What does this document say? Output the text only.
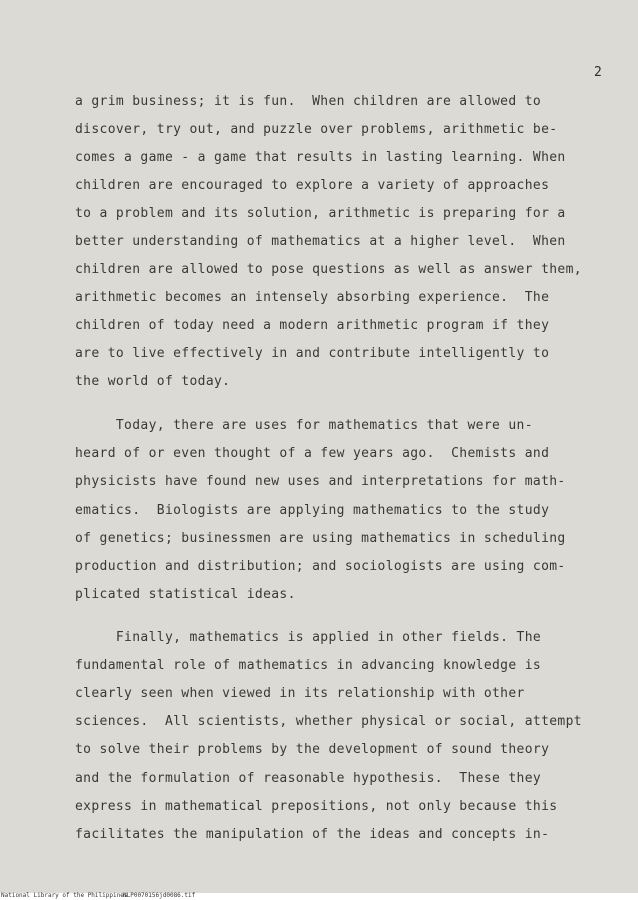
2
a grim business; it is fun.  When children are allowed to
discover, try out, and puzzle over problems, arithmetic be-
comes a game - a game that results in lasting learning. When
children are encouraged to explore a variety of approaches
to a problem and its solution, arithmetic is preparing for a
better understanding of mathematics at a higher level.  When
children are allowed to pose questions as well as answer them,
arithmetic becomes an intensely absorbing experience.  The
children of today need a modern arithmetic program if they
are to live effectively in and contribute intelligently to
the world of today.
Today, there are uses for mathematics that were un-
heard of or even thought of a few years ago.  Chemists and
physicists have found new uses and interpretations for math-
ematics.  Biologists are applying mathematics to the study
of genetics; businessmen are using mathematics in scheduling
production and distribution; and sociologists are using com-
plicated statistical ideas.
Finally, mathematics is applied in other fields. The
fundamental role of mathematics in advancing knowledge is
clearly seen when viewed in its relationship with other
sciences.  All scientists, whether physical or social, attempt
to solve their problems by the development of sound theory
and the formulation of reasonable hypothesis.  These they
express in mathematical prepositions, not only because this
facilitates the manipulation of the ideas and concepts in-
National Library of the Philippines
NLP0070156jd0086.tif
